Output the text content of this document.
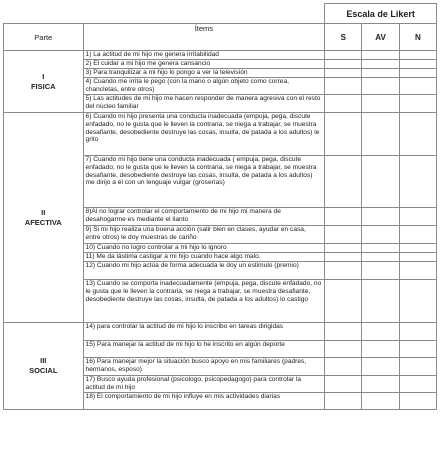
		Escala de Likert		
Parte	Ítems	S	AV	N

I
FISICA	1) La actitud de mi hijo me genera irritabilidad			
	2) El cuidar a mi hijo me genera cansancio			
	3) Para tranquilizar a mi hijo lo pongo a ver la televisión			
	4) Cuando me irrita le pego (con la mano o algún objeto como correa, chancletas, entre otros)			
	5) Las actitudes de mi hijo me hacen responder de manera agresiva con el resto del núcleo familiar			

II
AFECTIVA	6) Cuando mi hijo presenta una conducta inadecuada (empuja, pega, discute enfadado, no le gusta que le lleven la contraria, se niega a trabajar, se muestra desafiante, desobediente destruye las cosas, insulta, de patada a los adultos) le grito			
	7) Cuando mi hijo tiene una conducta inadecuada ( empuja, pega, discute enfadado, no le gusta que le lleven la contraria, se niega a trabajar, se muestra desafiante, desobediente destruye las cosas, insulta, de patada a los adultos) me dirijo a él con un lenguaje vulgar (groserías)			
	8)Al no lograr controlar el comportamiento de mi hijo mi manera de desahogarme es mediante el llanto			
	9) Si mi hijo realiza una buena acción (salir bien en clases, ayudar en casa, entre otros) le doy muestras de cariño			
	10) Cuando no logro controlar a mi hijo lo ignoro			
	11) Me da lástima castigar a mi hijo cuando hace algo malo.			
	12) Cuando mi hijo actúa de forma adecuada le doy un estimulo (premio)			
	13) Cuando se comporta inadecuadamente (empuja, pega, discute enfadado, no le gusta que le lleven la contraria, se niega a trabajar, se muestra desafiante, desobediente destruye las cosas, insulta, de patada a los adultos) lo castigo			

III
SOCIAL	14) para controlar la actitud de mi hijo lo inscribo en tareas dirigidas			
	15) Para manejar la actitud de mi hijo lo he inscrito en algún deporte			
	16) Para manejar mejor la situación busco apoyo en mis familiares (padres, hermanos, esposo)			
	17) Busco ayuda profesional (psicologo, psicopedagogo) para controlar la actitud de mi hijo			
	18) El comportamiento de mi hijo influye en mis actividades diarias			
